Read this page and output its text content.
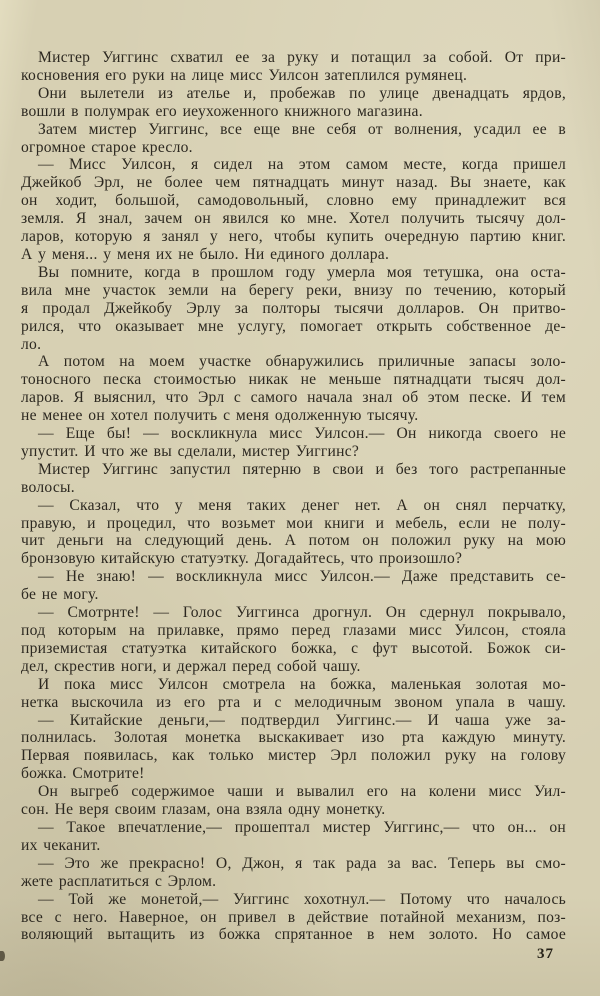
Мистер Уиггинс схватил ее за руку и потащил за собой. От при-
косновения его руки на лице мисс Уилсон затеплился румянец.
Они вылетели из ателье и, пробежав по улице двенадцать ярдов,
вошли в полумрак его иеухоженного книжного магазина.
Затем мистер Уиггинс, все еще вне себя от волнения, усадил ее в
огромное старое кресло.
— Мисс Уилсон, я сидел на этом самом месте, когда пришел
Джейкоб Эрл, не более чем пятнадцать минут назад. Вы знаете, как
он ходит, большой, самодовольный, словно ему принадлежит вся
земля. Я знал, зачем он явился ко мне. Хотел получить тысячу дол-
ларов, которую я занял у него, чтобы купить очередную партию книг.
А у меня... у меня их не было. Ни единого доллара.
Вы помните, когда в прошлом году умерла моя тетушка, она оста-
вила мне участок земли на берегу реки, внизу по течению, который
я продал Джейкобу Эрлу за полторы тысячи долларов. Он притво-
рился, что оказывает мне услугу, помогает открыть собственное де-
ло.
А потом на моем участке обнаружились приличные запасы золо-
тоносного песка стоимостью никак не меньше пятнадцати тысяч дол-
ларов. Я выяснил, что Эрл с самого начала знал об этом песке. И тем
не менее он хотел получить с меня одолженную тысячу.
— Еще бы! — воскликнула мисс Уилсон.— Он никогда своего не
упустит. И что же вы сделали, мистер Уиггинс?
Мистер Уиггинс запустил пятерню в свои и без того растрепанные
волосы.
— Сказал, что у меня таких денег нет. А он снял перчатку,
правую, и процедил, что возьмет мои книги и мебель, если не полу-
чит деньги на следующий день. А потом он положил руку на мою
бронзовую китайскую статуэтку. Догадайтесь, что произошло?
— Не знаю! — воскликнула мисс Уилсон.— Даже представить се-
бе не могу.
— Смотрнте! — Голос Уиггинса дрогнул. Он сдернул покрывало,
под которым на прилавке, прямо перед глазами мисс Уилсон, стояла
приземистая статуэтка китайского божка, с фут высотой. Божок си-
дел, скрестив ноги, и держал перед собой чашу.
И пока мисс Уилсон смотрела на божка, маленькая золотая мо-
нетка выскочила из его рта и с мелодичным звоном упала в чашу.
— Китайские деньги,— подтвердил Уиггинс.— И чаша уже за-
полнилась. Золотая монетка выскакивает изо рта каждую минуту.
Первая появилась, как только мистер Эрл положил руку на голову
божка. Смотрите!
Он выгреб содержимое чаши и вывалил его на колени мисс Уил-
сон. Не веря своим глазам, она взяла одну монетку.
— Такое впечатление,— прошептал мистер Уиггинс,— что он... он
их чеканит.
— Это же прекрасно! О, Джон, я так рада за вас. Теперь вы смо-
жете расплатиться с Эрлом.
— Той же монетой,— Уиггинс хохотнул.— Потому что началось
все с него. Наверное, он привел в действие потайной механизм, поз-
воляющий вытащить из божка спрятанное в нем золото. Но самое
37
